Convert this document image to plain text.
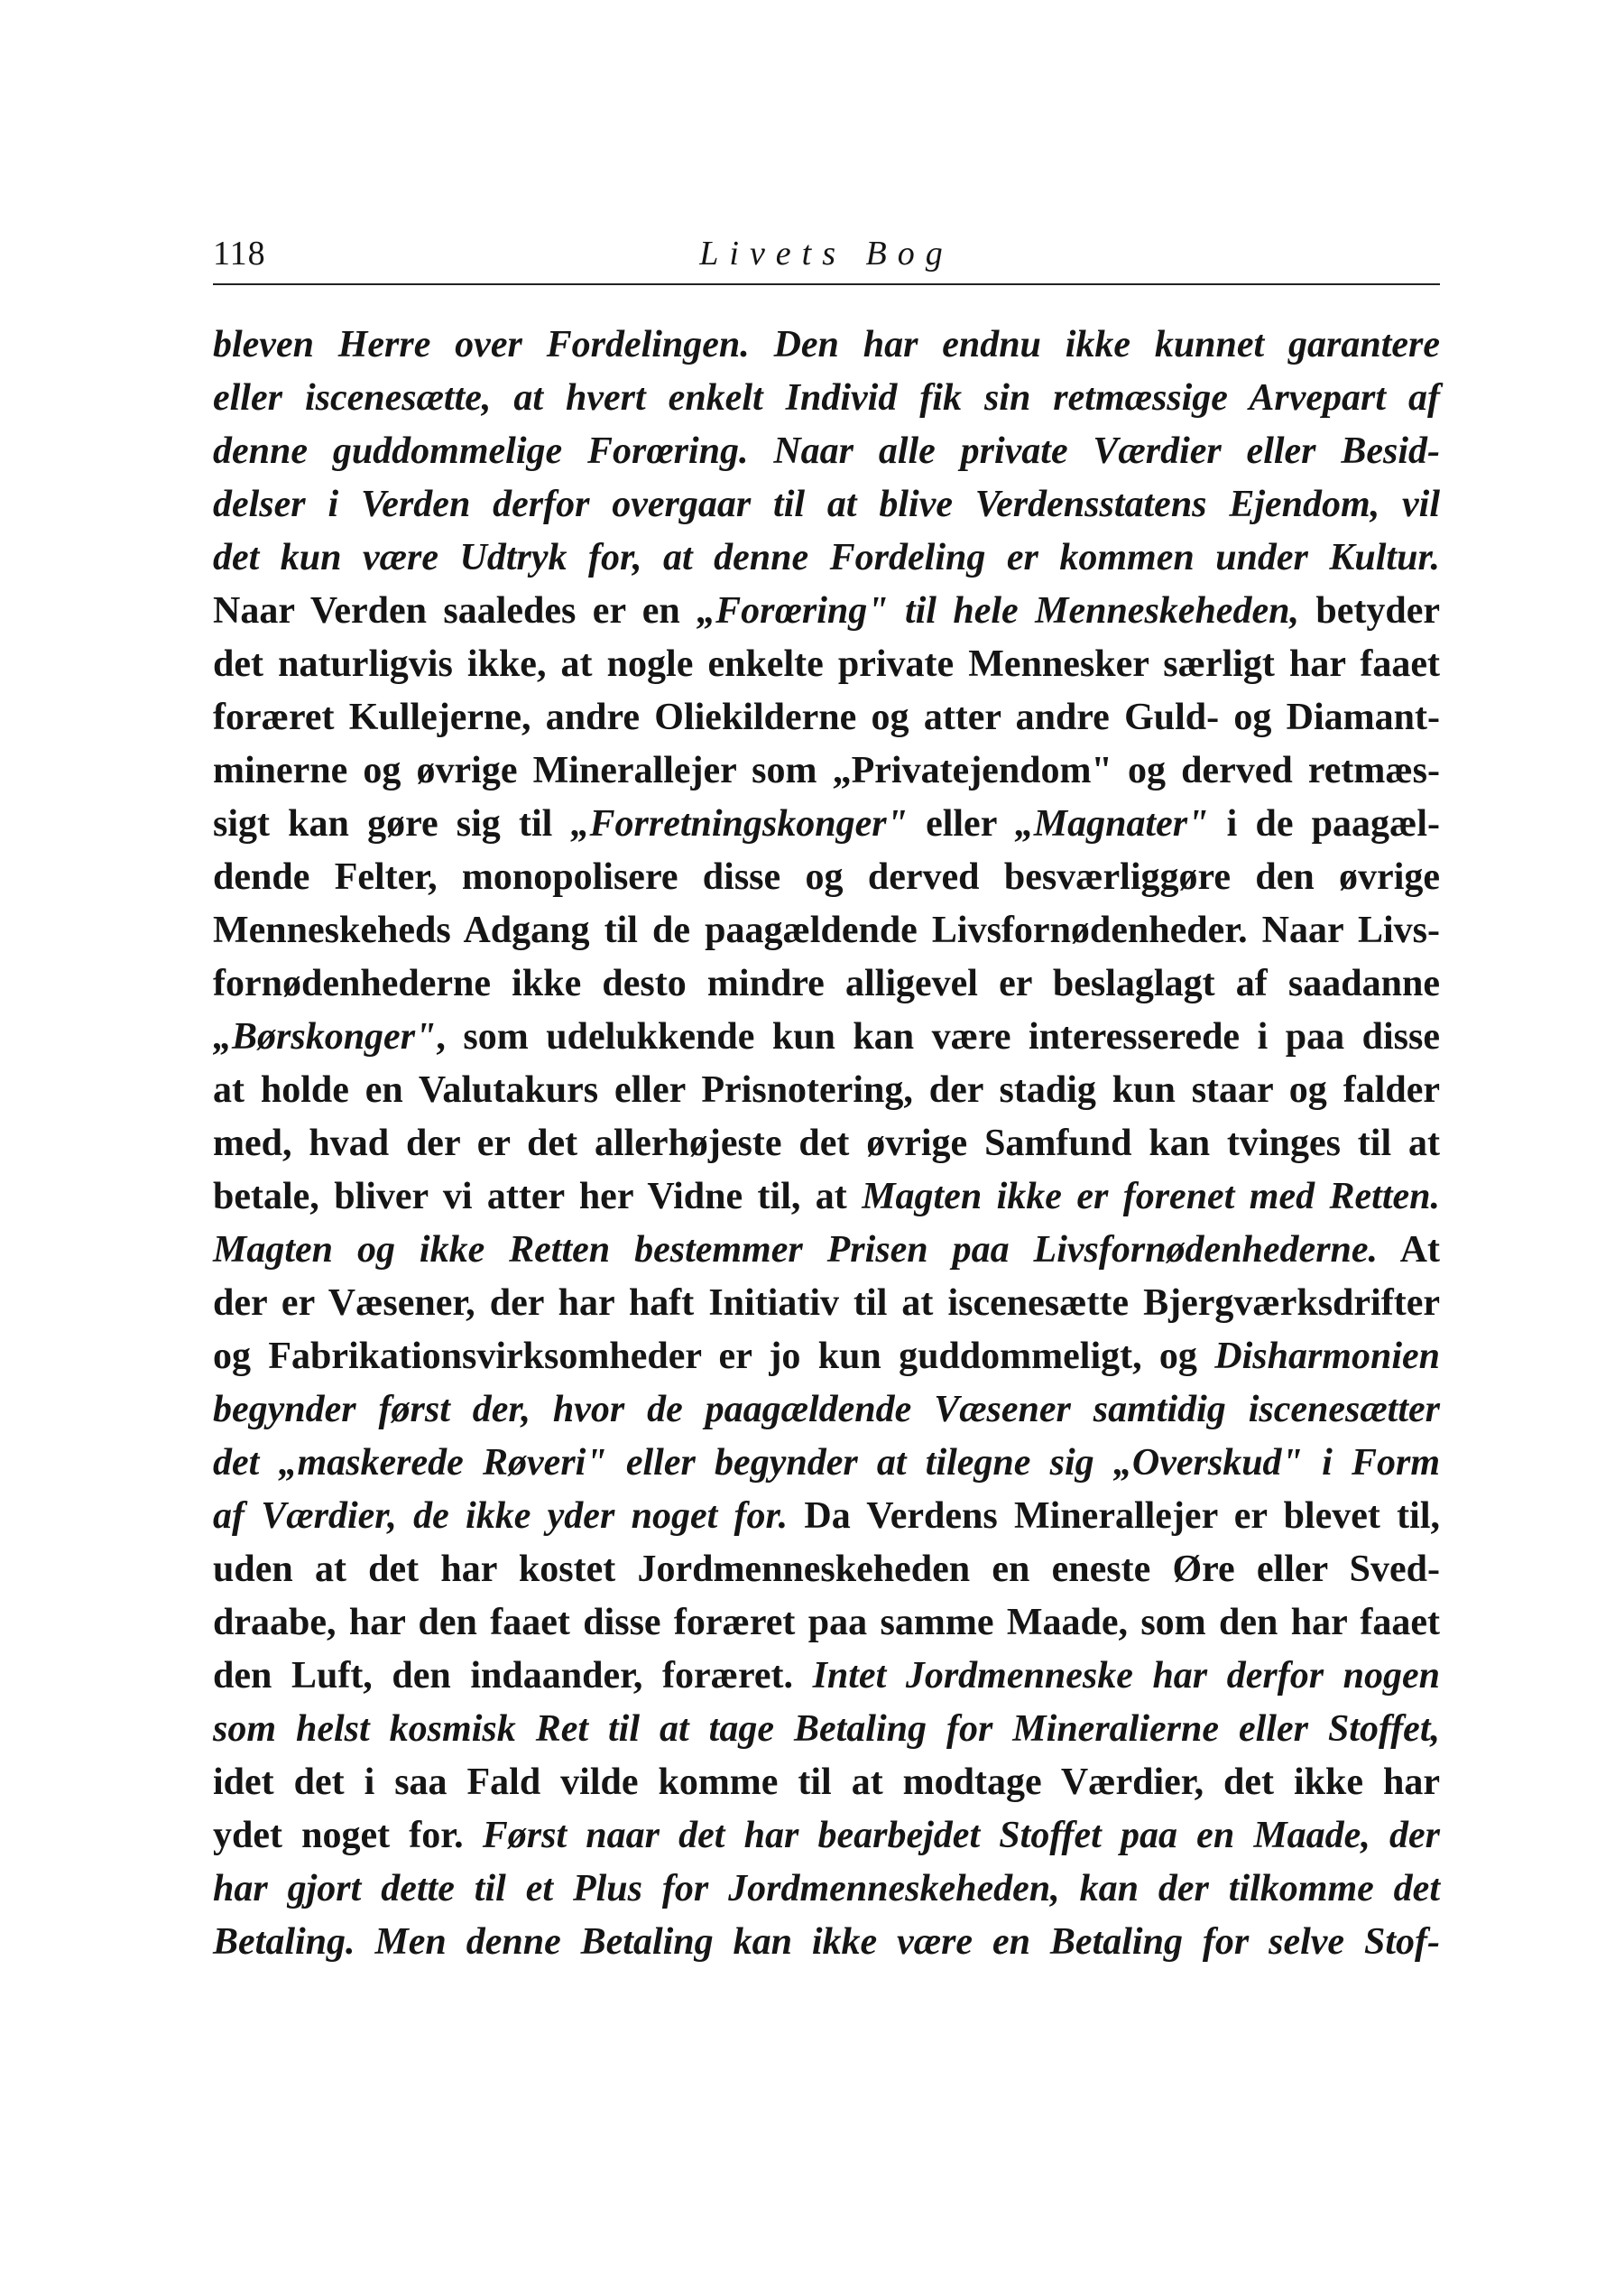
118	Livets Bog
bleven Herre over Fordelingen. Den har endnu ikke kunnet garantere
eller iscenesætte, at hvert enkelt Individ fik sin retmæssige Arvepart af
denne guddommelige Forœring. Naar alle private Værdier eller Besid-
delser i Verden derfor overgaar til at blive Verdensstatens Ejendom, vil
det kun være Udtryk for, at denne Fordeling er kommen under Kultur.
Naar Verden saaledes er en „Forœring" til hele Menneskeheden, betyder
det naturligvis ikke, at nogle enkelte private Mennesker særligt har faaet
foræret Kullejerne, andre Oliekilderne og atter andre Guld- og Diamant-
minerne og øvrige Minerallejer som „Privatejendom" og derved retmæs-
sigt kan gøre sig til „Forretningskonger" eller „Magnater" i de paagæl-
dende Felter, monopolisere disse og derved besværliggøre den øvrige
Menneskeheds Adgang til de paagældende Livsfornødenheder. Naar Livs-
fornødenhederne ikke desto mindre alligevel er beslaglagt af saadanne
„Børskonger", som udelukkende kun kan være interesserede i paa disse
at holde en Valutakurs eller Prisnotering, der stadig kun staar og falder
med, hvad der er det allerhøjeste det øvrige Samfund kan tvinges til at
betale, bliver vi atter her Vidne til, at Magten ikke er forenet med Retten.
Magten og ikke Retten bestemmer Prisen paa Livsfornødenhederne. At
der er Væsener, der har haft Initiativ til at iscenesætte Bjergværksdrifter
og Fabrikationsvirksomheder er jo kun guddommeligt, og Disharmonien
begynder først der, hvor de paagældende Væsener samtidig iscenesætter
det „maskerede Røveri" eller begynder at tilegne sig „Overskud" i Form
af Værdier, de ikke yder noget for. Da Verdens Minerallejer er blevet til,
uden at det har kostet Jordmenneskeheden en eneste Øre eller Sved-
draabe, har den faaet disse foræret paa samme Maade, som den har faaet
den Luft, den indaander, foræret. Intet Jordmenneske har derfor nogen
som helst kosmisk Ret til at tage Betaling for Mineralierne eller Stoffet,
idet det i saa Fald vilde komme til at modtage Værdier, det ikke har
ydet noget for. Først naar det har bearbejdet Stoffet paa en Maade, der
har gjort dette til et Plus for Jordmenneskeheden, kan der tilkomme det
Betaling. Men denne Betaling kan ikke være en Betaling for selve Stof-
